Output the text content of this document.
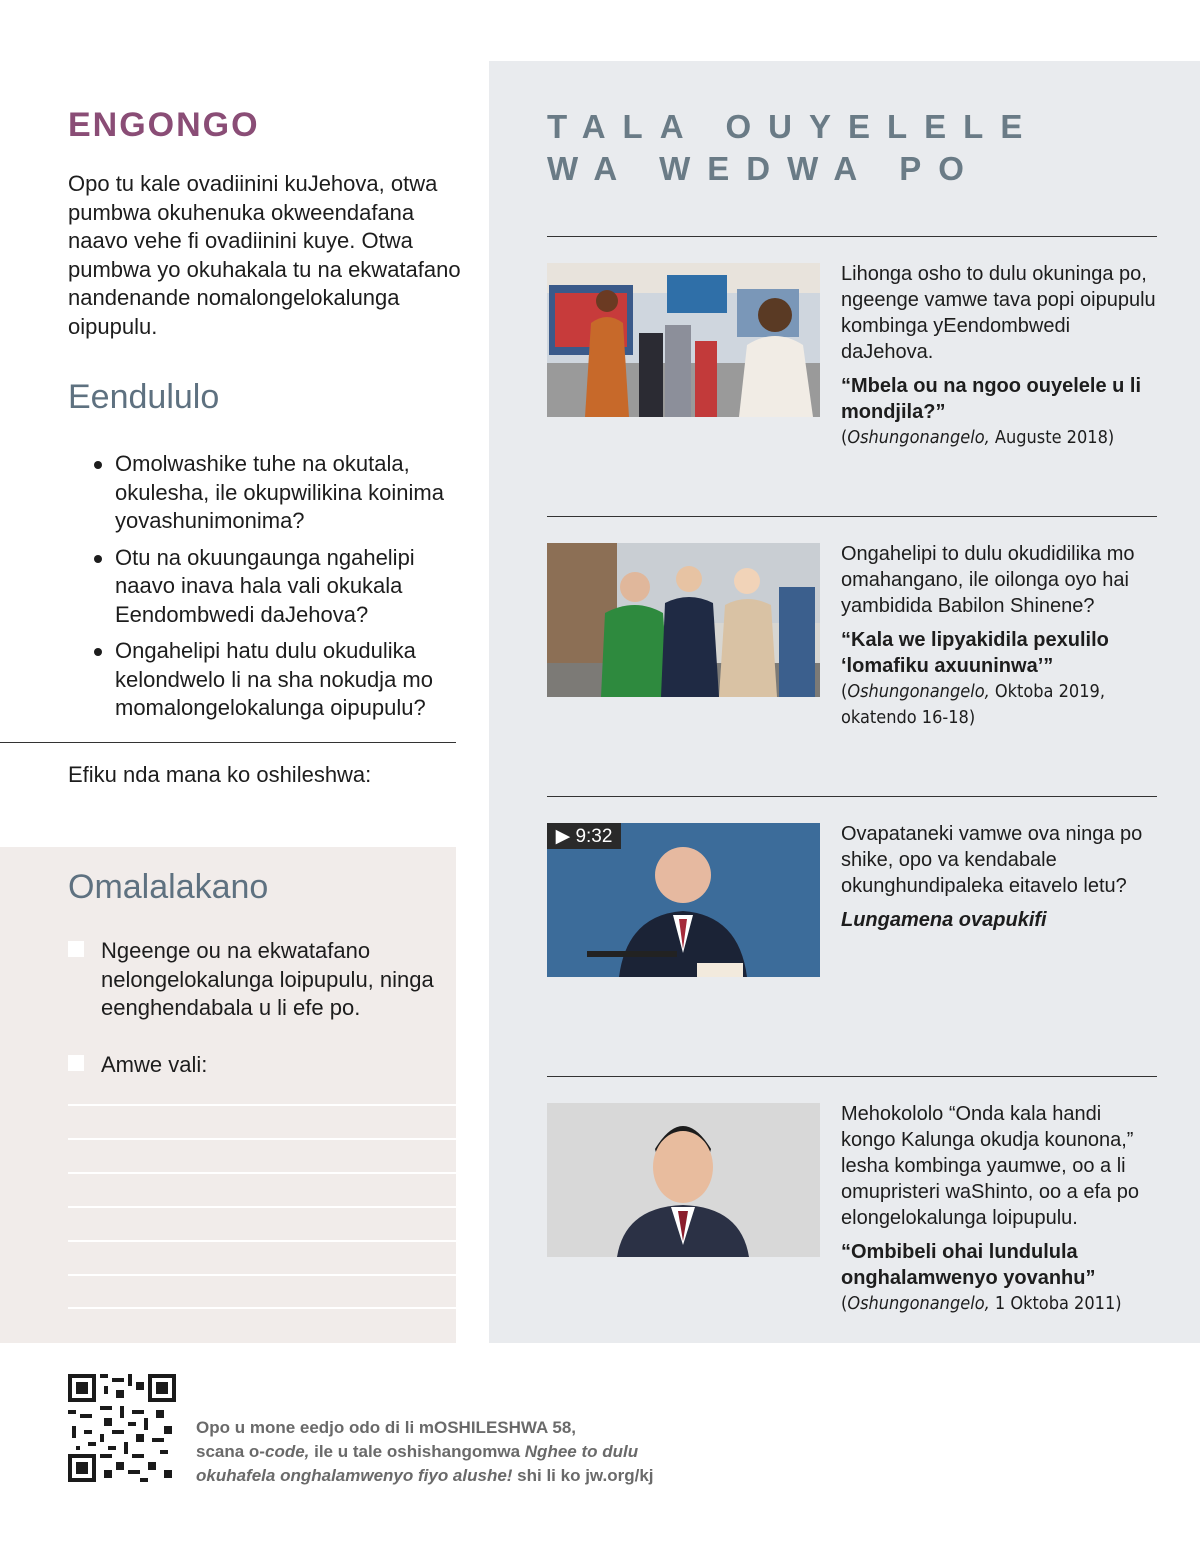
ENGONGO
Opo tu kale ovadiinini kuJehova, otwa pumbwa okuhenuka okweendafana naavo vehe fi ovadiinini kuye. Otwa pumbwa yo okuhakala tu na ekwatafano nandenande nomalongelokalunga oipupulu.
Eendululo
Omolwashike tuhe na okutala, okulesha, ile okupwilikina koinima yovashunimonima?
Otu na okuungaunga ngahelipi naavo inava hala vali okukala Eendombwedi daJehova?
Ongahelipi hatu dulu okudulika kelondwelo li na sha nokudja mo momalongelokalunga oipupulu?
Efiku nda mana ko oshileshwa:
Omalalakano
Ngeenge ou na ekwatafano nelongelokalunga loipupulu, ninga eenghendabala u li efe po.
Amwe vali:
TALA OUYELELE WA WEDWA PO

Lihonga osho to dulu okuninga po, ngeenge vamwe tava popi oipupulu kombinga yEendombwedi daJehova.

“Mbela ou na ngoo ouyelele u li mondjila?”

(Oshungonangelo, Auguste 2018)

Ongahelipi to dulu okudidilika mo omahangano, ile oilonga oyo hai yambidida Babilon Shinene?

“Kala we lipyakidila pexulilo ‘lomafiku axuuninwa’”

(Oshungonangelo, Oktoba 2019, okatendo 16-18)

▶ 9:32	Ovapataneki vamwe ova ninga po shike, opo va kendabale okunghundipaleka eitavelo letu?

Lungamena ovapukifi

Mehokololo “Onda kala handi kongo Kalunga okudja kounona,” lesha kombinga yaumwe, oo a li omupristeri waShinto, oo a efa po elongelokalunga loipupulu.

“Ombibeli ohai lundulula onghalamwenyo yovanhu”

(Oshungonangelo, 1 Oktoba 2011)

Opo u mone eedjo odo di li mOSHILESHWA 58,
scana o-code, ile u tale oshishangomwa Nghee to dulu
okuhafela onghalamwenyo fiyo alushe! shi li ko jw.org/kj
